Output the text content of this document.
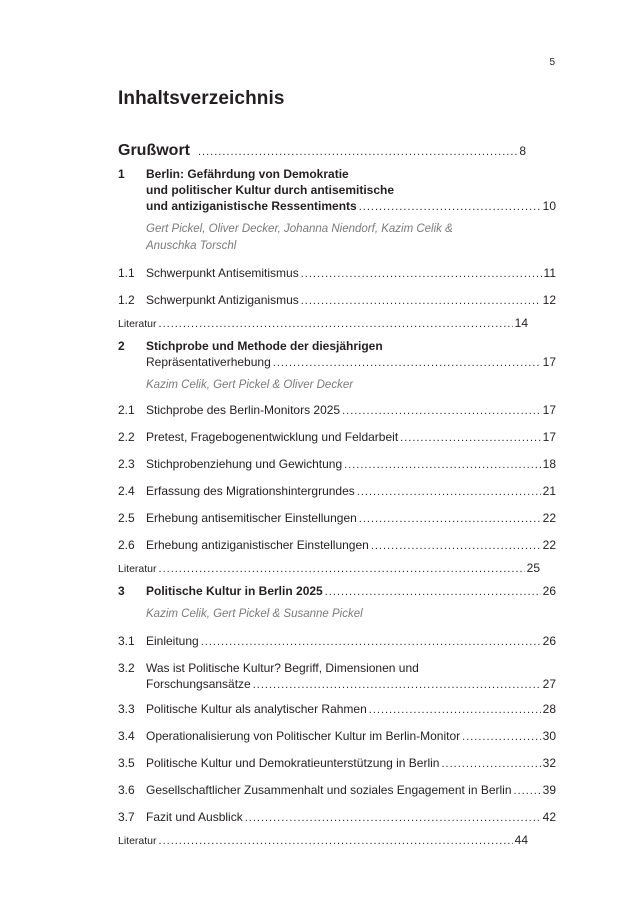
5
Inhaltsverzeichnis
Grußwort .....	8
1	Berlin: Gefährdung von Demokratie
und politischer Kultur durch antisemitische
und antiziganistische Ressentiments .....	10
Gert Pickel, Oliver Decker, Johanna Niendorf, Kazim Celik &
Anuschka Torschl
1.1 Schwerpunkt Antisemitismus .....	11
1.2 Schwerpunkt Antiziganismus .....	12
Literatur .....	14
2	Stichprobe und Methode der diesjährigen
Repräsentativerhebung .....	17
Kazim Celik, Gert Pickel & Oliver Decker
2.1 Stichprobe des Berlin-Monitors 2025 .....	17
2.2 Pretest, Fragebogenentwicklung und Feldarbeit .....	17
2.3 Stichprobenziehung und Gewichtung .....	18
2.4 Erfassung des Migrationshintergrundes .....	21
2.5 Erhebung antisemitischer Einstellungen .....	22
2.6 Erhebung antiziganistischer Einstellungen .....	22
Literatur .....	25
3	Politische Kultur in Berlin 2025 .....	26
Kazim Celik, Gert Pickel & Susanne Pickel
3.1 Einleitung .....	26
3.2 Was ist Politische Kultur? Begriff, Dimensionen und
Forschungsansätze .....	27
3.3 Politische Kultur als analytischer Rahmen .....	28
3.4 Operationalisierung von Politischer Kultur im Berlin-Monitor .....	30
3.5 Politische Kultur und Demokratieunterstützung in Berlin .....	32
3.6 Gesellschaftlicher Zusammenhalt und soziales Engagement in Berlin .....	39
3.7 Fazit und Ausblick .....	42
Literatur .....	44
